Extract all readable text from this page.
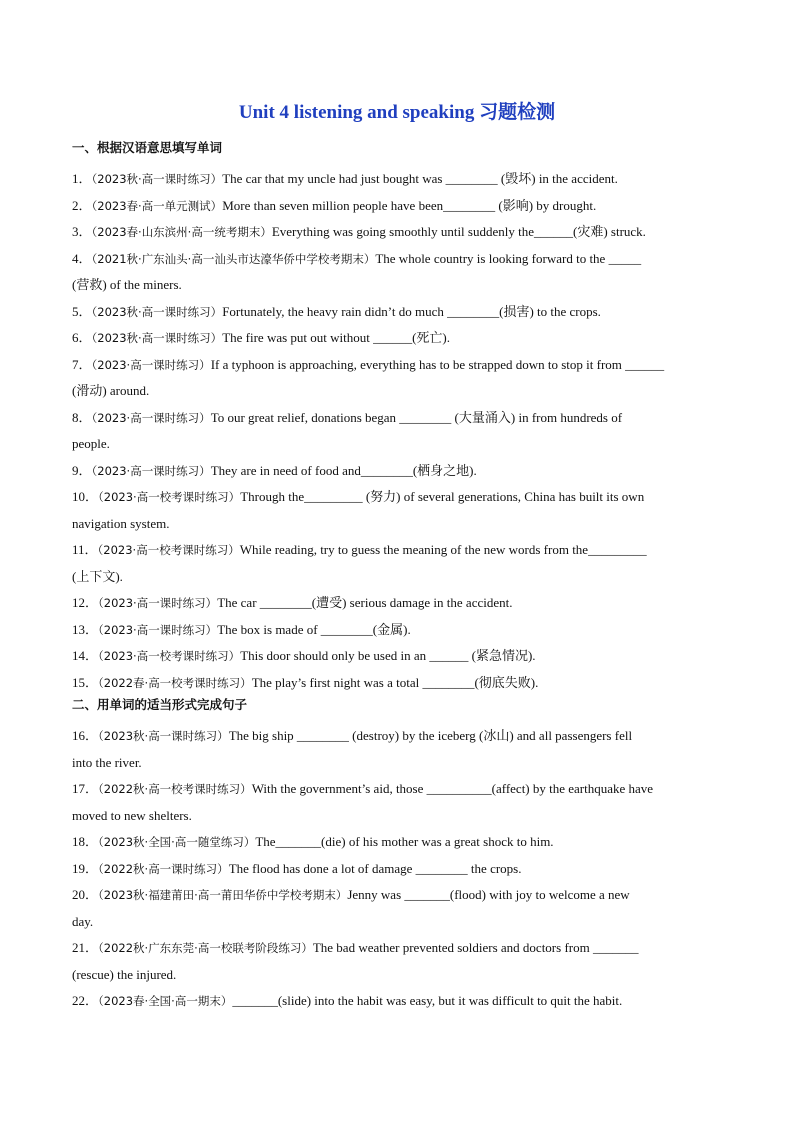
Unit 4 listening and speaking 习题检测
一、根据汉语意思填写单词
1．（2023秋·高一课时练习）The car that my uncle had just bought was ________ (毁坏) in the accident.
2．（2023春·高一单元测试）More than seven million people have been________ (影响) by drought.
3．（2023春·山东滨州·高一统考期末）Everything was going smoothly until suddenly the______(灾难) struck.
4．（2021秋·广东汕头·高一汕头市达濠华侨中学校考期末）The whole country is looking forward to the _____
(营救) of the miners.
5．（2023秋·高一课时练习）Fortunately, the heavy rain didn’t do much ________(损害) to the crops.
6．（2023秋·高一课时练习）The fire was put out without ______(死亡).
7．（2023·高一课时练习）If a typhoon is approaching, everything has to be strapped down to stop it from ______
(滑动) around.
8．（2023·高一课时练习）To our great relief, donations began ________ (大量涌入) in from hundreds of
people.
9．（2023·高一课时练习）They are in need of food and________(栖身之地).
10．（2023·高一校考课时练习）Through the_________ (努力) of several generations, China has built its own
navigation system.
11．（2023·高一校考课时练习）While reading, try to guess the meaning of the new words from the_________
(上下文).
12．（2023·高一课时练习）The car ________(遭受) serious damage in the accident.
13．（2023·高一课时练习）The box is made of ________(金属).
14．（2023·高一校考课时练习）This door should only be used in an ______ (紧急情况).
15．（2022春·高一校考课时练习）The play’s first night was a total ________(彻底失败).
二、用单词的适当形式完成句子
16．（2023秋·高一课时练习）The big ship ________ (destroy) by the iceberg (冰山) and all passengers fell
into the river.
17．（2022秋·高一校考课时练习）With the government’s aid, those __________(affect) by the earthquake have
moved to new shelters.
18．（2023秋·全国·高一随堂练习）The_______(die) of his mother was a great shock to him.
19．（2022秋·高一课时练习）The flood has done a lot of damage ________ the crops.
20．（2023秋·福建莆田·高一莆田华侨中学校考期末）Jenny was _______(flood) with joy to welcome a new
day.
21．（2022秋·广东东莞·高一校联考阶段练习）The bad weather prevented soldiers and doctors from _______
(rescue) the injured.
22．（2023春·全国·高一期末）_______(slide) into the habit was easy, but it was difficult to quit the habit.
